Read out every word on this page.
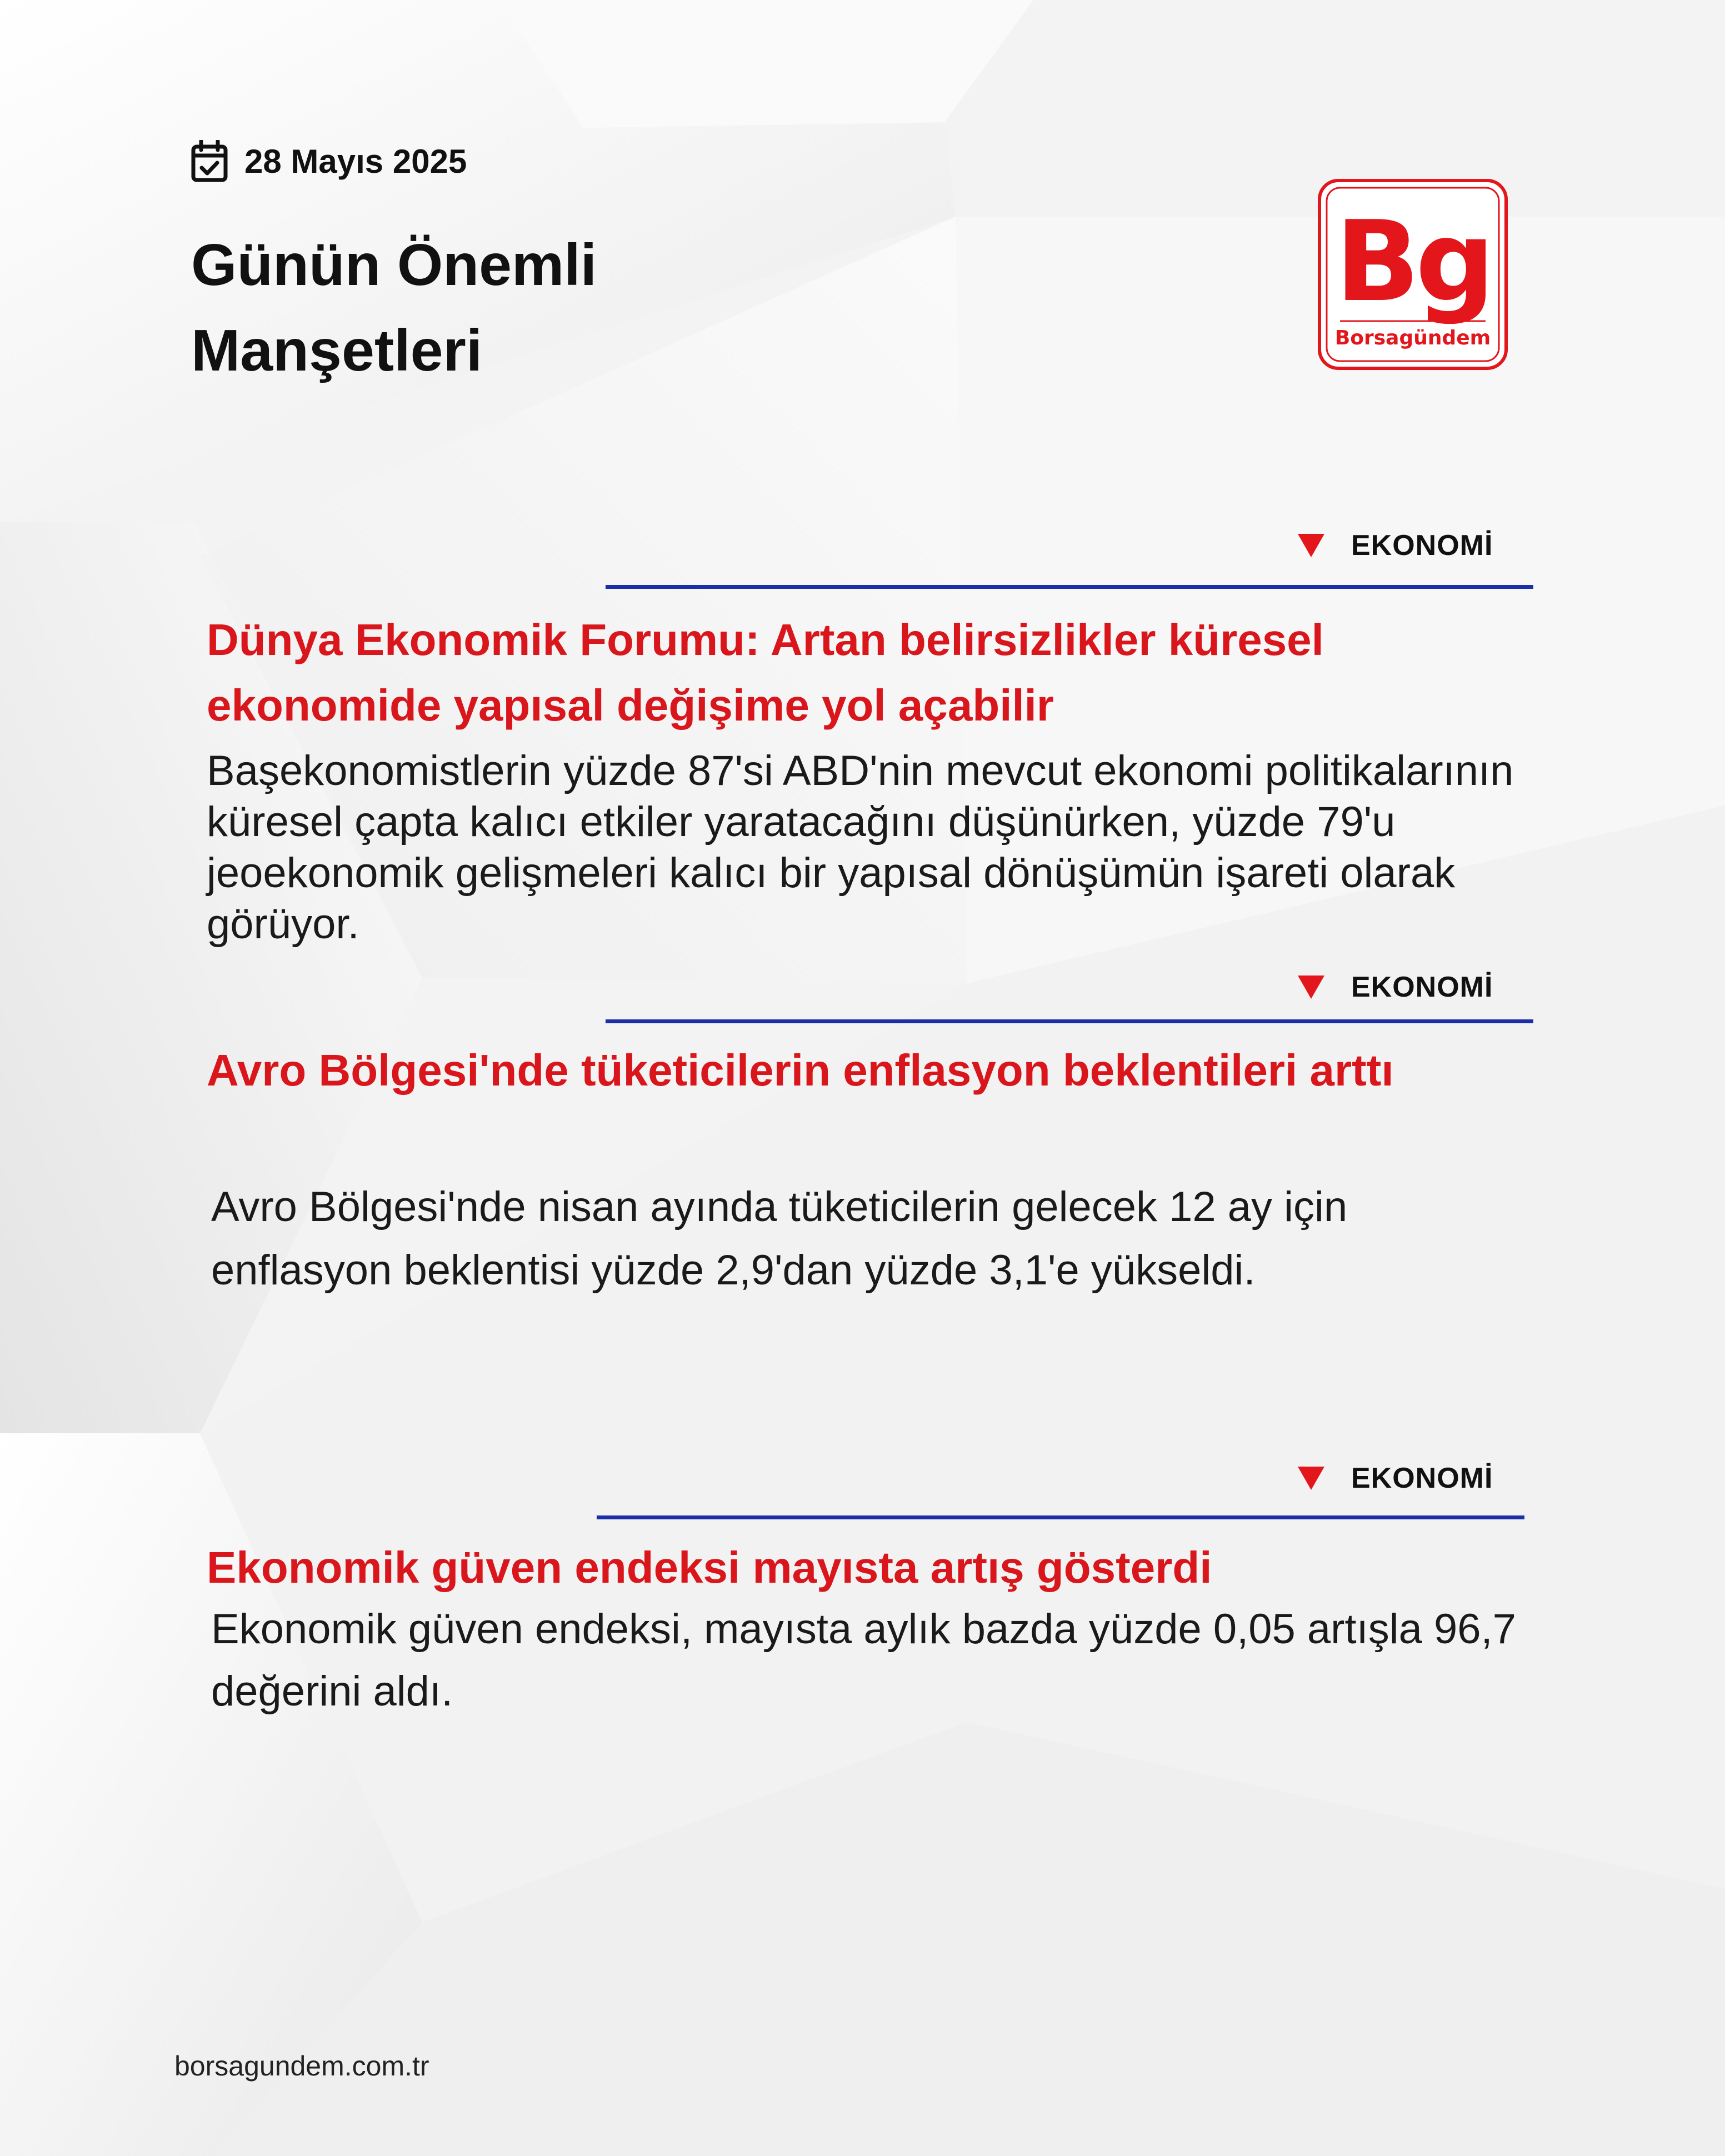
28 Mayıs 2025
Günün Önemli
Manşetleri
Bg
Borsagündem
EKONOMİ
Dünya Ekonomik Forumu: Artan belirsizlikler küresel ekonomide yapısal değişime yol açabilir

Başekonomistlerin yüzde 87'si ABD'nin mevcut ekonomi politikalarının küresel çapta kalıcı etkiler yaratacağını düşünürken, yüzde 79'u jeoekonomik gelişmeleri kalıcı bir yapısal dönüşümün işareti olarak görüyor.

EKONOMİ
Avro Bölgesi'nde tüketicilerin enflasyon beklentileri arttı

Avro Bölgesi'nde nisan ayında tüketicilerin gelecek 12 ay için enflasyon beklentisi yüzde 2,9'dan yüzde 3,1'e yükseldi.

EKONOMİ
Ekonomik güven endeksi mayısta artış gösterdi

Ekonomik güven endeksi, mayısta aylık bazda yüzde 0,05 artışla 96,7 değerini aldı.

borsagundem.com.tr
